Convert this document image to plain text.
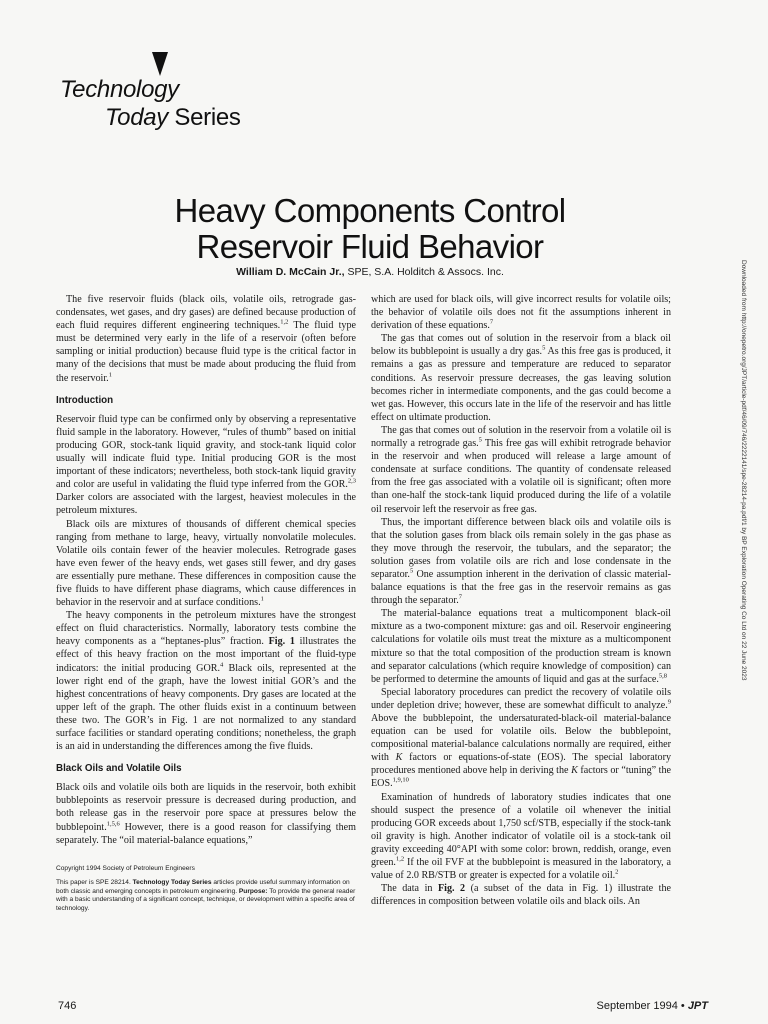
Technology
Today Series
Heavy Components Control
Reservoir Fluid Behavior
William D. McCain Jr., SPE, S.A. Holditch & Assocs. Inc.

The five reservoir fluids (black oils, volatile oils, retrograde gas-condensates, wet gases, and dry gases) are defined because production of each fluid requires different engineering techniques.$^{1,2}$ The fluid type must be determined very early in the life of a reservoir (often before sampling or initial production) because fluid type is the critical factor in many of the decisions that must be made about producing the fluid from the reservoir.$^1$

Introduction

Reservoir fluid type can be confirmed only by observing a representative fluid sample in the laboratory. However, “rules of thumb” based on initial producing GOR, stock-tank liquid gravity, and stock-tank liquid color usually will indicate fluid type. Initial producing GOR is the most important of these indicators; nevertheless, both stock-tank liquid gravity and color are useful in validating the fluid type inferred from the GOR.$^{2,3}$ Darker colors are associated with the largest, heaviest molecules in the petroleum mixtures.

Black oils are mixtures of thousands of different chemical species ranging from methane to large, heavy, virtually nonvolatile molecules. Volatile oils contain fewer of the heavier molecules. Retrograde gases have even fewer of the heavy ends, wet gases still fewer, and dry gases are essentially pure methane. These differences in composition cause the five fluids to have different phase diagrams, which cause differences in behavior in the reservoir and at surface conditions.$^1$

The heavy components in the petroleum mixtures have the strongest effect on fluid characteristics. Normally, laboratory tests combine the heavy components as a “heptanes-plus” fraction. Fig. 1 illustrates the effect of this heavy fraction on the most important of the fluid-type indicators: the initial producing GOR.$^4$ Black oils, represented at the lower right end of the graph, have the lowest initial GOR’s and the highest concentrations of heavy components. Dry gases are located at the upper left of the graph. The other fluids exist in a continuum between these two. The GOR’s in Fig. 1 are not normalized to any standard surface facilities or standard operating conditions; nonetheless, the graph is an aid in understanding the differences among the five fluids.

Black Oils and Volatile Oils

Black oils and volatile oils both are liquids in the reservoir, both exhibit bubblepoints as reservoir pressure is decreased during production, and both release gas in the reservoir pore space at pressures below the bubblepoint.$^{1,5,6}$ However, there is a good reason for classifying them separately. The “oil material-balance equations,”

Copyright 1994 Society of Petroleum Engineers

This paper is SPE 28214. Technology Today Series articles provide useful summary information on both classic and emerging concepts in petroleum engineering. Purpose: To provide the general reader with a basic understanding of a significant concept, technique, or development within a specific area of technology.

which are used for black oils, will give incorrect results for volatile oils; the behavior of volatile oils does not fit the assumptions inherent in derivation of these equations.$^7$

The gas that comes out of solution in the reservoir from a black oil below its bubblepoint is usually a dry gas.$^5$ As this free gas is produced, it remains a gas as pressure and temperature are reduced to separator conditions. As reservoir pressure decreases, the gas leaving solution becomes richer in intermediate components, and the gas could become a wet gas. However, this occurs late in the life of the reservoir and has little effect on ultimate production.

The gas that comes out of solution in the reservoir from a volatile oil is normally a retrograde gas.$^5$ This free gas will exhibit retrograde behavior in the reservoir and when produced will release a large amount of condensate at surface conditions. The quantity of condensate released from the free gas associated with a volatile oil is significant; often more than one-half the stock-tank liquid produced during the life of a volatile oil reservoir left the reservoir as free gas.

Thus, the important difference between black oils and volatile oils is that the solution gases from black oils remain solely in the gas phase as they move through the reservoir, the tubulars, and the separator; the solution gases from volatile oils are rich and lose condensate in the separator.$^5$ One assumption inherent in the derivation of classic material-balance equations is that the free gas in the reservoir remains as gas through the separator.$^7$

The material-balance equations treat a multicomponent black-oil mixture as a two-component mixture: gas and oil. Reservoir engineering calculations for volatile oils must treat the mixture as a multicomponent mixture so that the total composition of the production stream is known and separator calculations (which require knowledge of composition) can be performed to determine the amounts of liquid and gas at the surface.$^{5,8}$

Special laboratory procedures can predict the recovery of volatile oils under depletion drive; however, these are somewhat difficult to analyze.$^9$ Above the bubblepoint, the undersaturated-black-oil material-balance equation can be used for volatile oils. Below the bubblepoint, compositional material-balance calculations normally are required, either with K factors or equations-of-state (EOS). The special laboratory procedures mentioned above help in deriving the K factors or “tuning” the EOS.$^{1,9,10}$

Examination of hundreds of laboratory studies indicates that one should suspect the presence of a volatile oil whenever the initial producing GOR exceeds about 1,750 scf/STB, especially if the stock-tank oil gravity is high. Another indicator of volatile oil is a stock-tank oil gravity exceeding 40°API with some color: brown, reddish, orange, even green.$^{1,2}$ If the oil FVF at the bubblepoint is measured in the laboratory, a value of 2.0 RB/STB or greater is expected for a volatile oil.$^2$

The data in Fig. 2 (a subset of the data in Fig. 1) illustrate the differences in composition between volatile oils and black oils. An

Downloaded from http://onepetro.org/JPT/article-pdf/46/09/746/2222141/spe-28214-pa.pdf/1 by BP Exploration Operating Co Ltd on 22 June 2023
746	September 1994 • JPT
